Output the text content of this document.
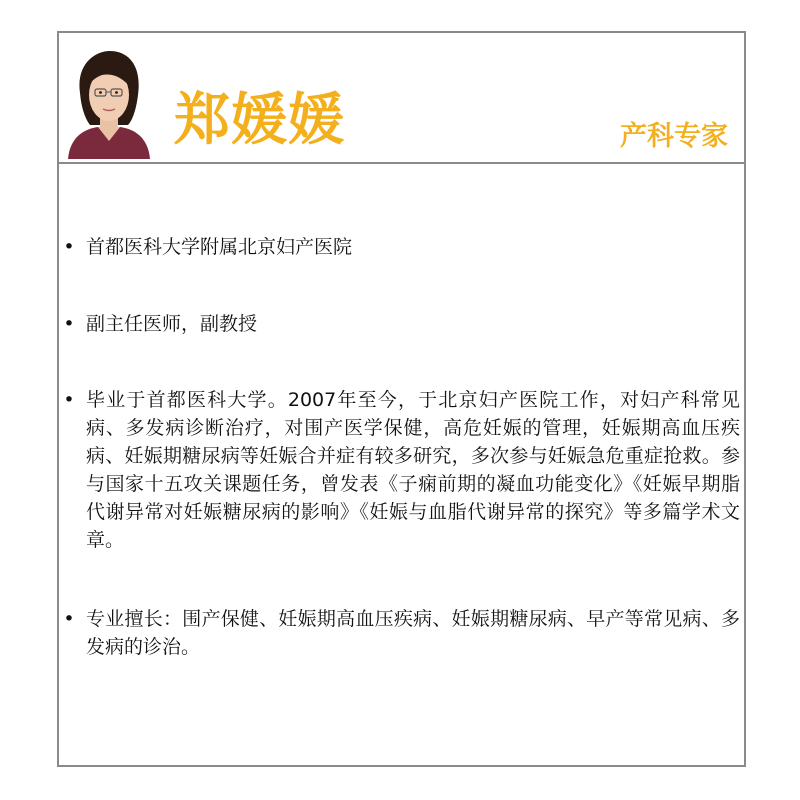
郑媛媛	产科专家
• 首都医科大学附属北京妇产医院
• 副主任医师，副教授
• 毕业于首都医科大学。2007年至今，于北京妇产医院工作，对妇产科常见病、多发病诊断治疗，对围产医学保健，高危妊娠的管理，妊娠期高血压疾病、妊娠期糖尿病等妊娠合并症有较多研究，多次参与妊娠急危重症抢救。参与国家十五攻关课题任务，曾发表《子痫前期的凝血功能变化》《妊娠早期脂代谢异常对妊娠糖尿病的影响》《妊娠与血脂代谢异常的探究》等多篇学术文章。
• 专业擅长：围产保健、妊娠期高血压疾病、妊娠期糖尿病、早产等常见病、多发病的诊治。
